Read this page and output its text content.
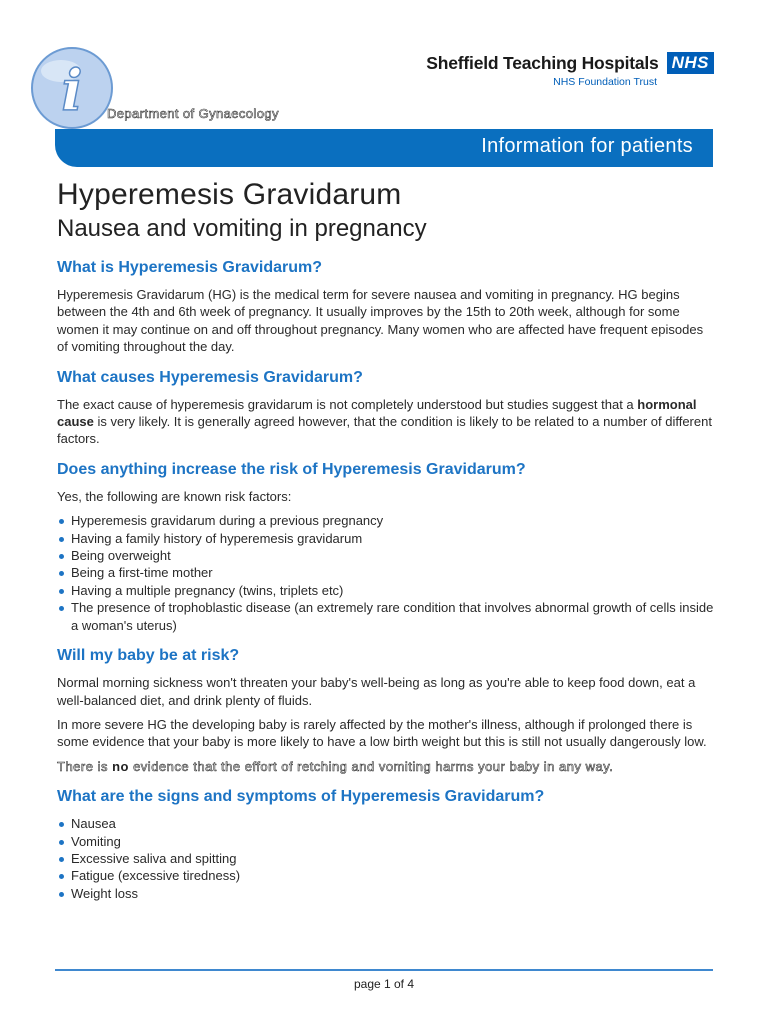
i Department of Gynaecology
Sheffield Teaching Hospitals NHS
NHS Foundation Trust
Information for patients
Hyperemesis Gravidarum
Nausea and vomiting in pregnancy
What is Hyperemesis Gravidarum?

Hyperemesis Gravidarum (HG) is the medical term for severe nausea and vomiting in pregnancy. HG begins between the 4th and 6th week of pregnancy. It usually improves by the 15th to 20th week, although for some women it may continue on and off throughout pregnancy. Many women who are affected have frequent episodes of vomiting throughout the day.

What causes Hyperemesis Gravidarum?

The exact cause of hyperemesis gravidarum is not completely understood but studies suggest that a hormonal cause is very likely. It is generally agreed however, that the condition is likely to be related to a number of different factors.

Does anything increase the risk of Hyperemesis Gravidarum?

Yes, the following are known risk factors:

Hyperemesis gravidarum during a previous pregnancy
Having a family history of hyperemesis gravidarum
Being overweight
Being a first-time mother
Having a multiple pregnancy (twins, triplets etc)
The presence of trophoblastic disease (an extremely rare condition that involves abnormal growth of cells inside a woman's uterus)
Will my baby be at risk?

Normal morning sickness won't threaten your baby's well-being as long as you're able to keep food down, eat a well-balanced diet, and drink plenty of fluids.

In more severe HG the developing baby is rarely affected by the mother's illness, although if prolonged there is some evidence that your baby is more likely to have a low birth weight but this is still not usually dangerously low.

There is no evidence that the effort of retching and vomiting harms your baby in any way.

What are the signs and symptoms of Hyperemesis Gravidarum?
Nausea
Vomiting
Excessive saliva and spitting
Fatigue (excessive tiredness)
Weight loss
page 1 of 4
